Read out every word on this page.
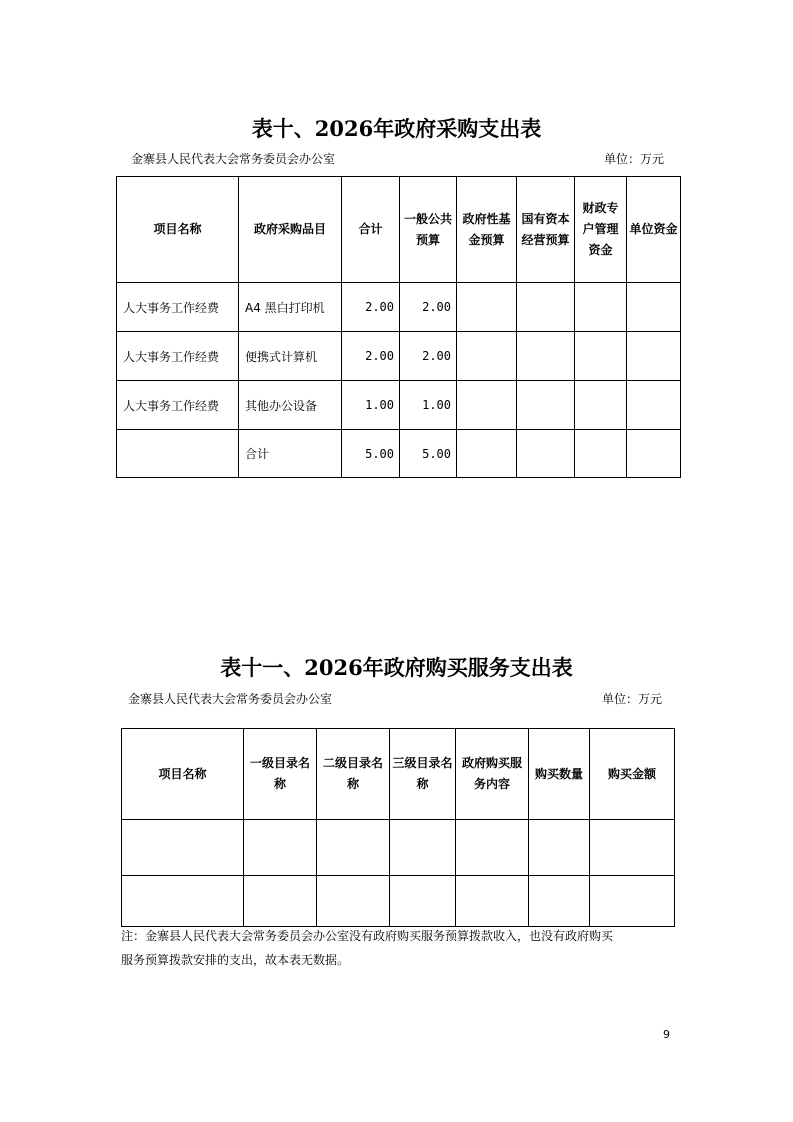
表十、2026年政府采购支出表
金寨县人民代表大会常务委员会办公室	单位：万元
项目名称	政府采购品目	合计	一般公共预算	政府性基金预算	国有资本经营预算	财政专户管理资金	单位资金
人大事务工作经费	A4 黑白打印机	2.00	2.00				
人大事务工作经费	便携式计算机	2.00	2.00				
人大事务工作经费	其他办公设备	1.00	1.00				
	合计	5.00	5.00				
表十一、2026年政府购买服务支出表
金寨县人民代表大会常务委员会办公室	单位：万元
项目名称	一级目录名称	二级目录名称	三级目录名称	政府购买服务内容	购买数量	购买金额

注：金寨县人民代表大会常务委员会办公室没有政府购买服务预算拨款收入，也没有政府购买
服务预算拨款安排的支出，故本表无数据。
9
